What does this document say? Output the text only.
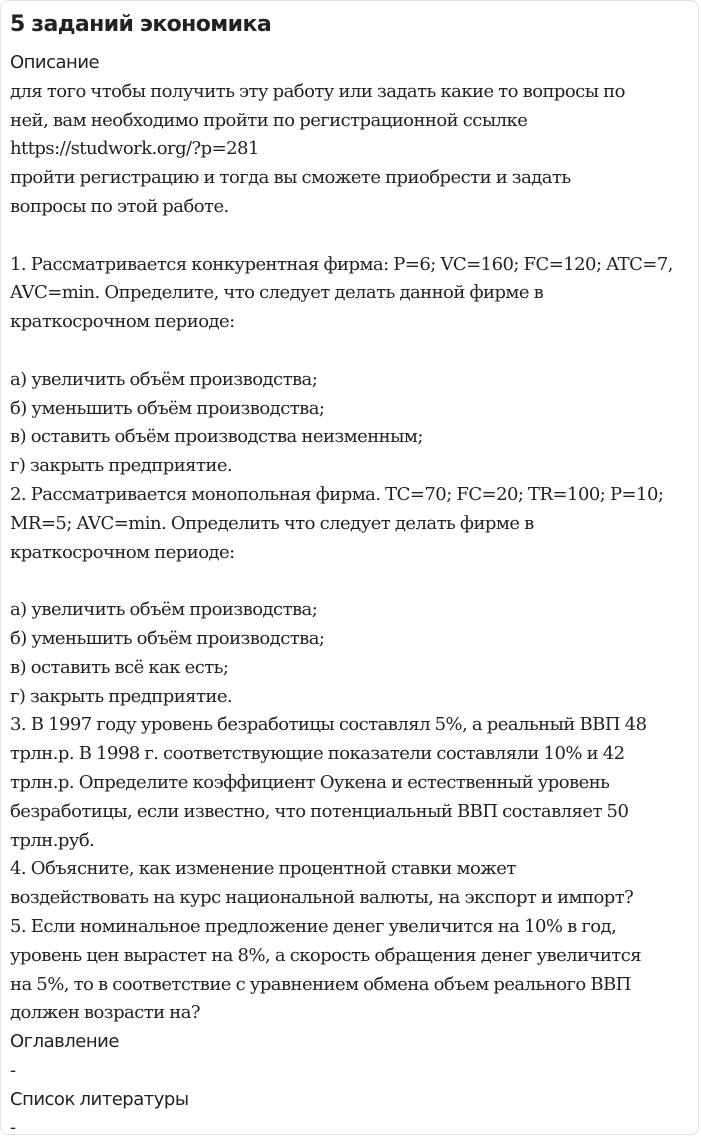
5 заданий экономика
Описание
для того чтобы получить эту работу или задать какие то вопросы по
ней, вам необходимо пройти по регистрационной ссылке
https://studwork.org/?p=281
пройти регистрацию и тогда вы сможете приобрести и задать
вопросы по этой работе.
1. Рассматривается конкурентная фирма: P=6; VC=160; FC=120; ATC=7,
AVC=min. Определите, что следует делать данной фирме в
краткосрочном периоде:
а) увеличить объём производства;
б) уменьшить объём производства;
в) оставить объём производства неизменным;
г) закрыть предприятие.
2. Рассматривается монопольная фирма. TC=70; FC=20; TR=100; P=10;
MR=5; AVC=min. Определить что следует делать фирме в
краткосрочном периоде:
а) увеличить объём производства;
б) уменьшить объём производства;
в) оставить всё как есть;
г) закрыть предприятие.
3. В 1997 году уровень безработицы составлял 5%, а реальный ВВП 48
трлн.р. В 1998 г. соответствующие показатели составляли 10% и 42
трлн.р. Определите коэффициент Оукена и естественный уровень
безработицы, если известно, что потенциальный ВВП составляет 50
трлн.руб.
4. Объясните, как изменение процентной ставки может
воздействовать на курс национальной валюты, на экспорт и импорт?
5. Если номинальное предложение денег увеличится на 10% в год,
уровень цен вырастет на 8%, а скорость обращения денег увеличится
на 5%, то в соответствие с уравнением обмена объем реального ВВП
должен возрасти на?
Оглавление
-
Список литературы
-
